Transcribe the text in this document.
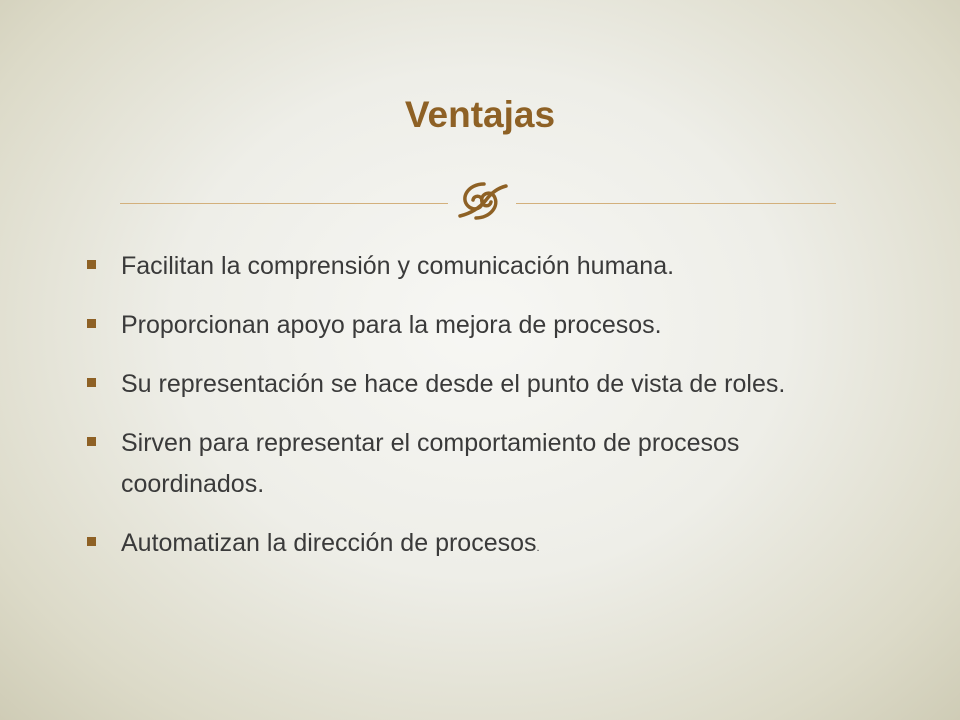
Ventajas
Facilitan la comprensión y comunicación humana.
Proporcionan apoyo para la mejora de procesos.
Su representación se hace desde el punto de vista de roles.
Sirven para representar el comportamiento de procesos coordinados.
Automatizan la dirección de procesos.
